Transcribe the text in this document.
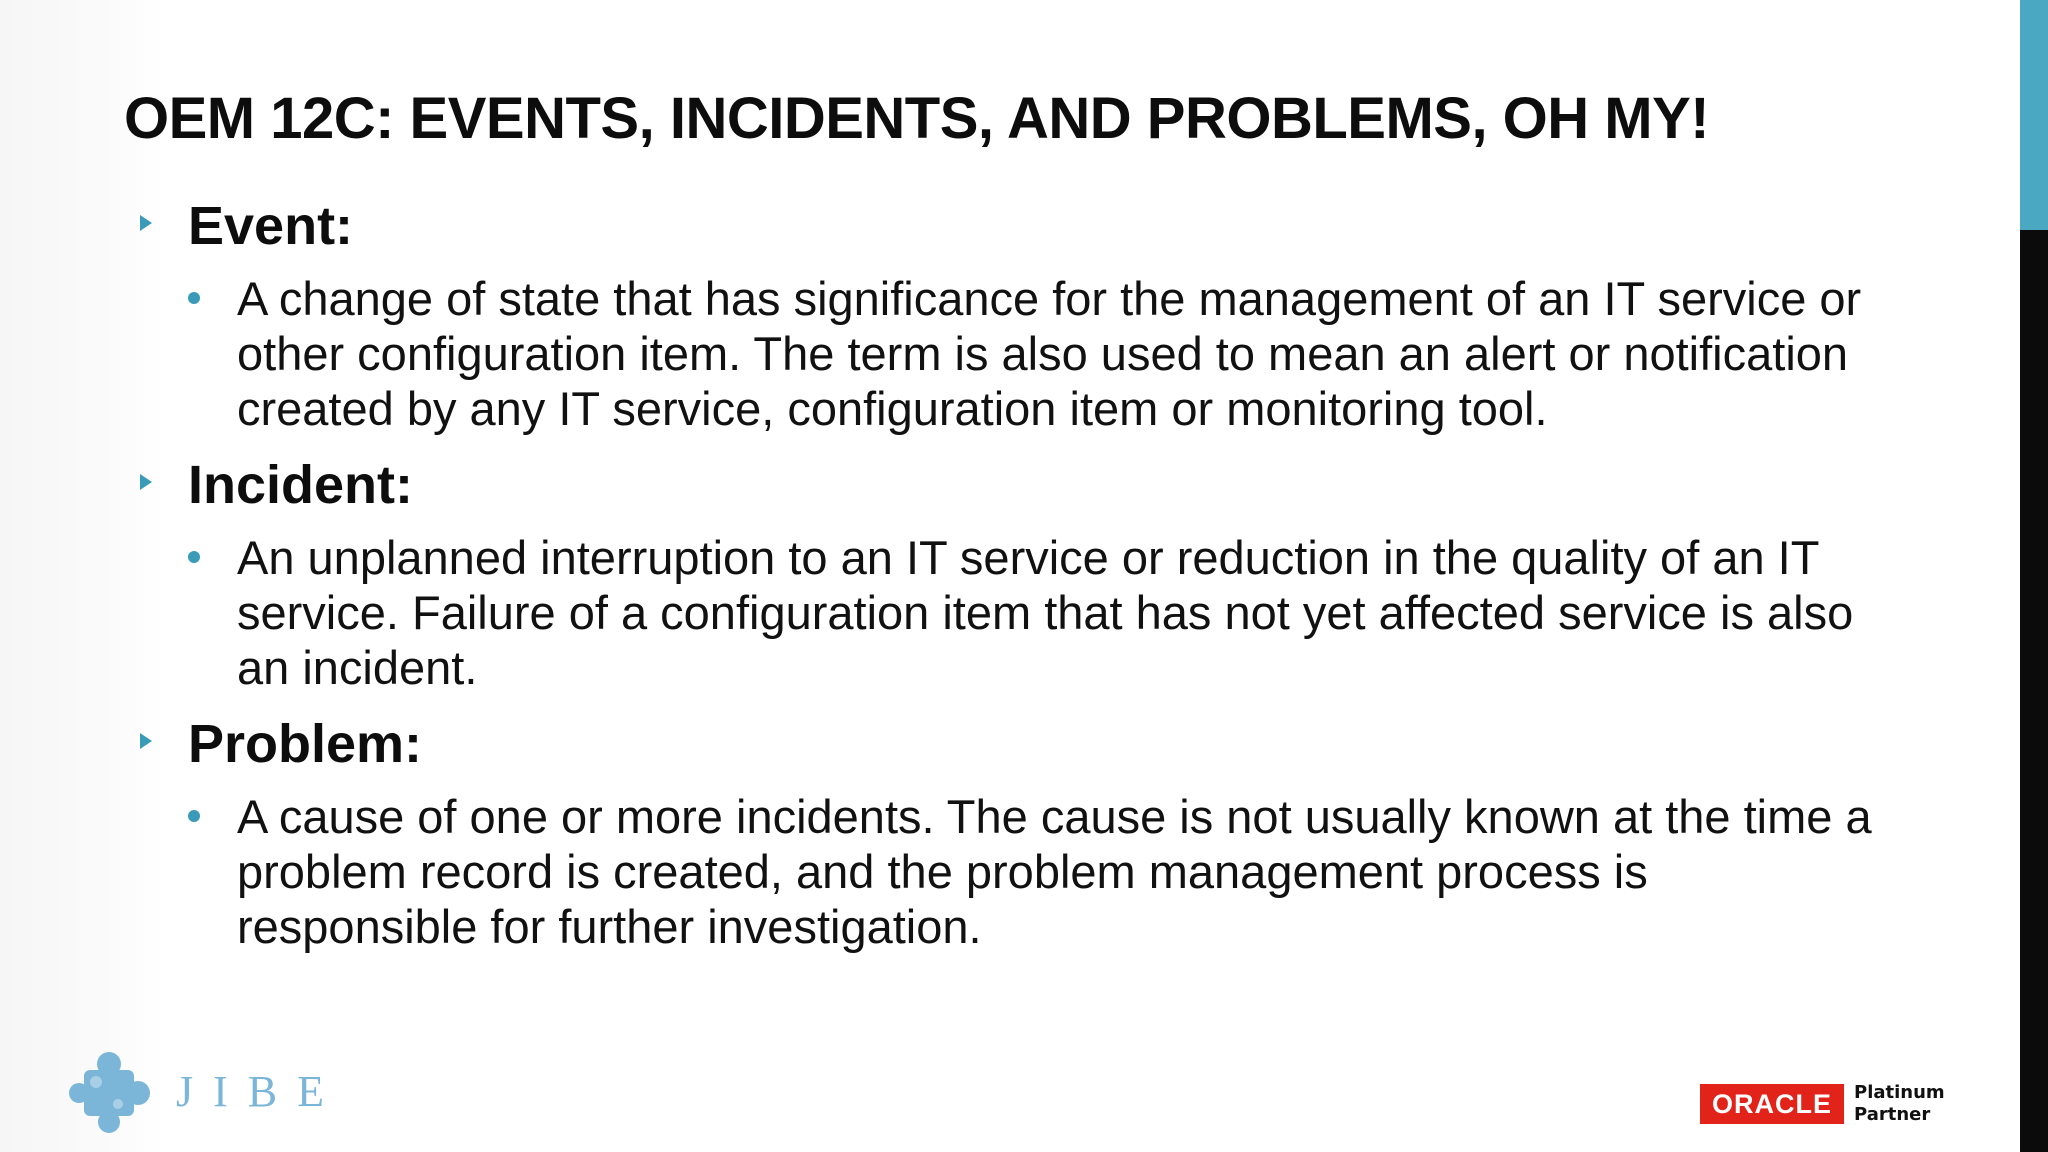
OEM 12C: EVENTS, INCIDENTS, AND PROBLEMS, OH MY!
Event:
A change of state that has significance for the management of an IT service or other configuration item. The term is also used to mean an alert or notification created by any IT service, configuration item or monitoring tool.
Incident:
An unplanned interruption to an IT service or reduction in the quality of an IT service. Failure of a configuration item that has not yet affected service is also an incident.
Problem:
A cause of one or more incidents. The cause is not usually known at the time a problem record is created, and the problem management process is responsible for further investigation.
JIBE	ORACLE	Platinum
Partner
